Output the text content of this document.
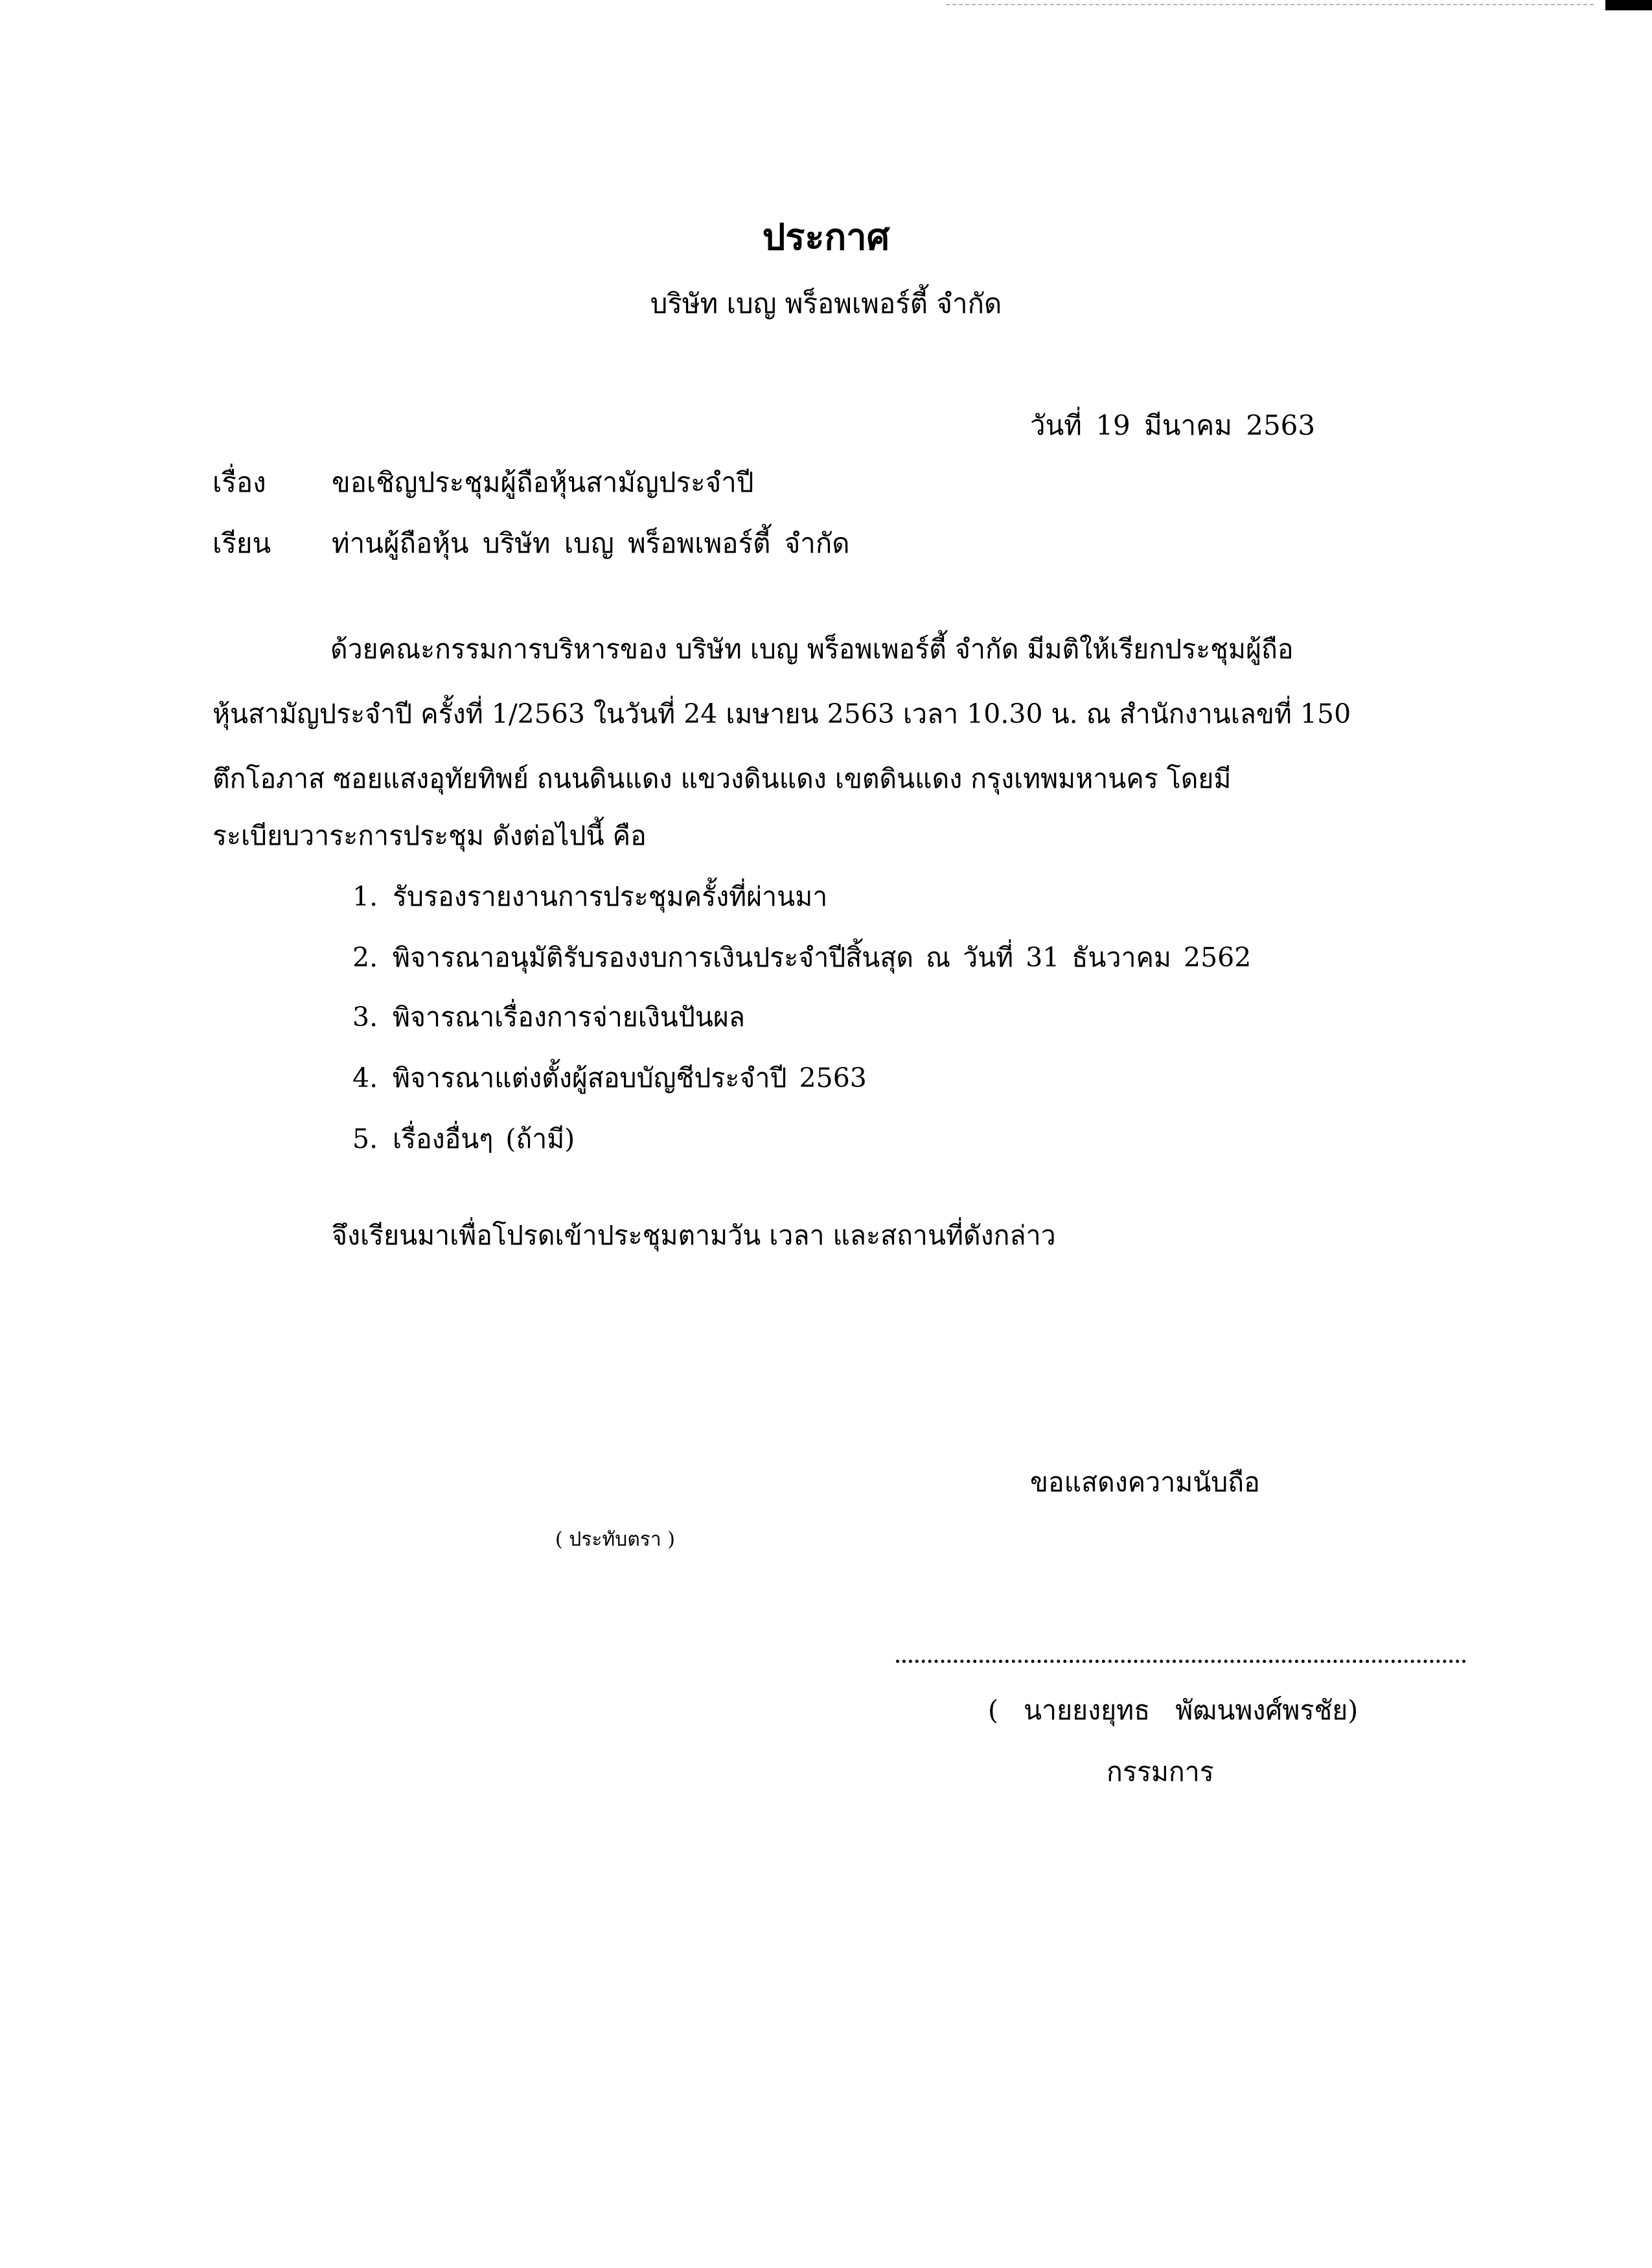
ประกาศ
บริษัท เบญ พร็อพเพอร์ตี้ จำกัด
วันที่ 19 มีนาคม 2563
เรื่อง ขอเชิญประชุมผู้ถือหุ้นสามัญประจำปี
เรียน ท่านผู้ถือหุ้น บริษัท เบญ พร็อพเพอร์ตี้ จำกัด
ด้วยคณะกรรมการบริหารของ บริษัท เบญ พร็อพเพอร์ตี้ จำกัด มีมติให้เรียกประชุมผู้ถือ
หุ้นสามัญประจำปี ครั้งที่ 1/2563 ในวันที่ 24 เมษายน 2563 เวลา 10.30 น. ณ สำนักงานเลขที่ 150
ตึกโอภาส ซอยแสงอุทัยทิพย์ ถนนดินแดง แขวงดินแดง เขตดินแดง กรุงเทพมหานคร โดยมี
ระเบียบวาระการประชุม ดังต่อไปนี้ คือ
1. รับรองรายงานการประชุมครั้งที่ผ่านมา
2. พิจารณาอนุมัติรับรองงบการเงินประจำปีสิ้นสุด ณ วันที่ 31 ธันวาคม 2562
3. พิจารณาเรื่องการจ่ายเงินปันผล
4. พิจารณาแต่งตั้งผู้สอบบัญชีประจำปี 2563
5. เรื่องอื่นๆ (ถ้ามี)
จึงเรียนมาเพื่อโปรดเข้าประชุมตามวัน เวลา และสถานที่ดังกล่าว
ขอแสดงความนับถือ
( ประทับตรา )
( นายยงยุทธ พัฒนพงศ์พรชัย)
กรรมการ
